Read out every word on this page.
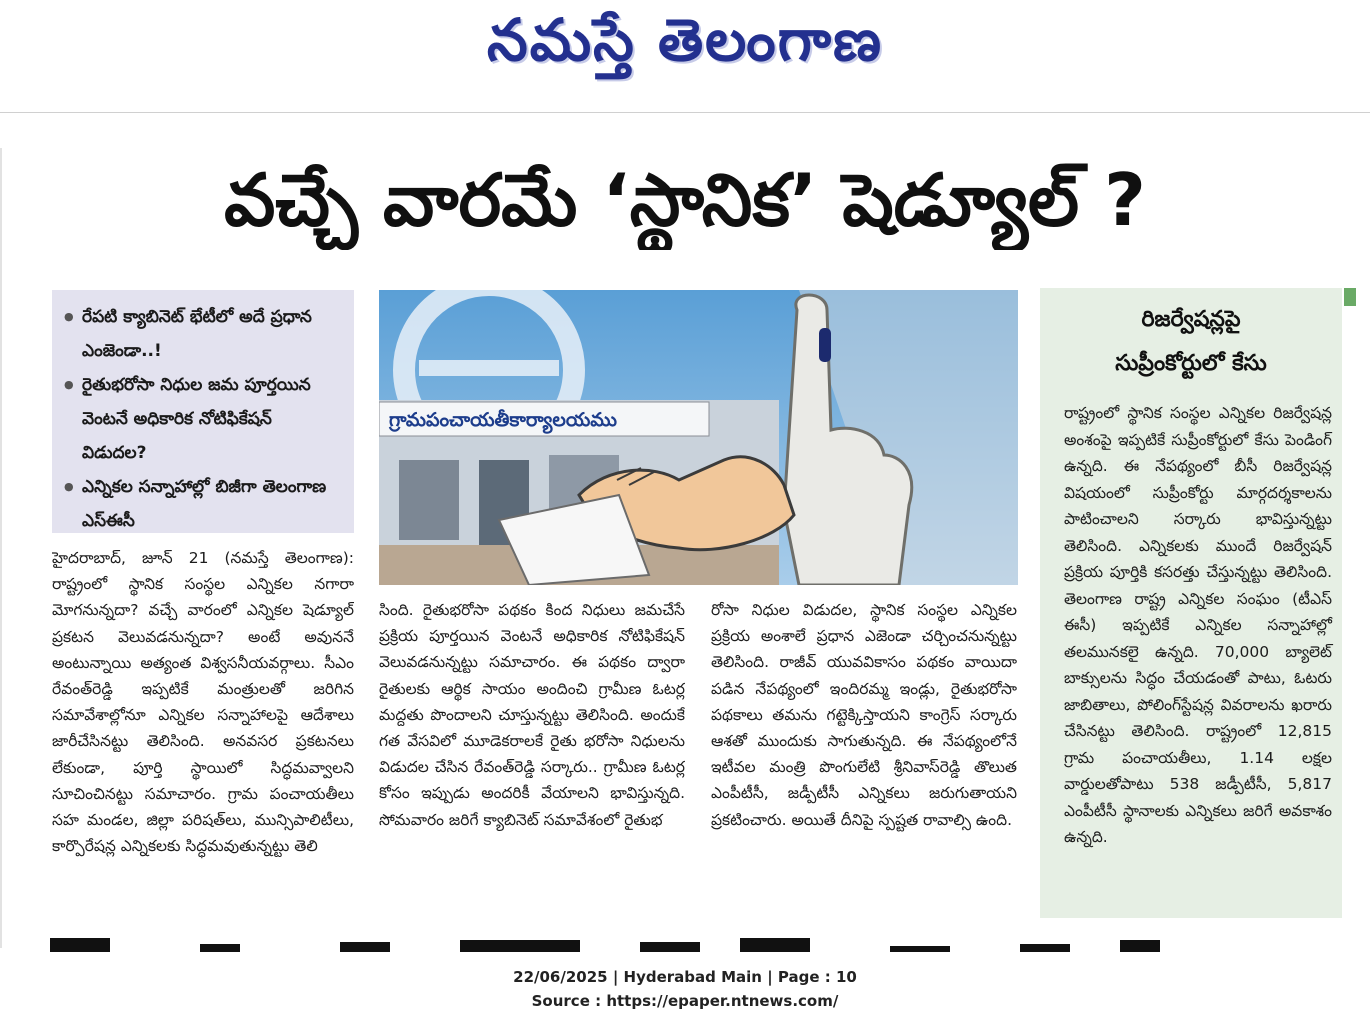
నమస్తే తెలంగాణ
వచ్చే వారమే ‘స్థానిక’ షెడ్యూల్‌ ?
● రేపటి క్యాబినెట్‌ భేటీలో అదే ప్రధాన ఎంజెండా..!
● రైతుభరోసా నిధుల జమ పూర్తయిన వెంటనే అధికారిక నోటిఫికేషన్‌ విడుదల?
● ఎన్నికల సన్నాహాల్లో బిజీగా తెలంగాణ ఎస్‌ఈసీ
గ్రామపంచాయతీకార్యాలయము

హైదరాబాద్‌, జూన్‌ 21 (నమస్తే తెలంగాణ): రాష్ట్రంలో స్థానిక సంస్థల ఎన్నికల నగారా మోగనున్నదా? వచ్చే వారంలో ఎన్నికల షెడ్యూల్‌ ప్రకటన వెలువడనున్నదా? అంటే అవుననే అంటున్నాయి అత్యంత విశ్వసనీయవర్గాలు. సీఎం రేవంత్‌రెడ్డి ఇప్పటికే మంత్రులతో జరిగిన సమావేశాల్లోనూ ఎన్నికల సన్నాహాలపై ఆదేశాలు జారీచేసినట్టు తెలిసింది. అనవసర ప్రకటనలు లేకుండా, పూర్తి స్థాయిలో సిద్ధమవ్వాలని సూచించినట్టు సమాచారం. గ్రామ పంచాయతీలు సహ మండల, జిల్లా పరిషత్‌లు, మున్సిపాలిటీలు, కార్పొరేషన్ల ఎన్నికలకు సిద్ధమవుతున్నట్టు తెలి

సింది. రైతుభరోసా పథకం కింద నిధులు జమచేసే ప్రక్రియ పూర్తయిన వెంటనే అధికారిక నోటిఫికేషన్‌ వెలువడనున్నట్టు సమాచారం. ఈ పథకం ద్వారా రైతులకు ఆర్థిక సాయం అందించి గ్రామీణ ఓటర్ల మద్దతు పొందాలని చూస్తున్నట్టు తెలిసింది. అందుకే గత వేసవిలో మూడెకరాలకే రైతు భరోసా నిధులను విడుదల చేసిన రేవంత్‌రెడ్డి సర్కారు.. గ్రామీణ ఓటర్ల కోసం ఇప్పుడు అందరికీ వేయాలని భావిస్తున్నది. సోమవారం జరిగే క్యాబినెట్‌ సమావేశంలో రైతుభ

రోసా నిధుల విడుదల, స్థానిక సంస్థల ఎన్నికల ప్రక్రియ అంశాలే ప్రధాన ఎజెండా చర్చించనున్నట్టు తెలిసింది. రాజీవ్‌ యువవికాసం పథకం వాయిదా పడిన నేపథ్యంలో ఇందిరమ్మ ఇండ్లు, రైతుభరోసా పథకాలు తమను గట్టెక్కిస్తాయని కాంగ్రెస్‌ సర్కారు ఆశతో ముందుకు సాగుతున్నది. ఈ నేపథ్యంలోనే ఇటీవల మంత్రి పొంగులేటి శ్రీనివాస్‌రెడ్డి తొలుత ఎంపీటీసీ, జడ్పీటీసీ ఎన్నికలు జరుగుతాయని ప్రకటించారు. అయితే దీనిపై స్పష్టత రావాల్సి ఉంది.

రిజర్వేషన్లపై
సుప్రీంకోర్టులో కేసు
రాష్ట్రంలో స్థానిక సంస్థల ఎన్నికల రిజర్వేషన్ల అంశంపై ఇప్పటికే సుప్రీంకోర్టులో కేసు పెండింగ్‌ ఉన్నది. ఈ నేపథ్యంలో బీసీ రిజర్వేషన్ల విషయంలో సుప్రీంకోర్టు మార్గదర్శకాలను పాటించాలని సర్కారు భావిస్తున్నట్టు తెలిసింది. ఎన్నికలకు ముందే రిజర్వేషన్‌ ప్రక్రియ పూర్తికి కసరత్తు చేస్తున్నట్టు తెలిసింది. తెలంగాణ రాష్ట్ర ఎన్నికల సంఘం (టీఎస్‌ ఈసీ) ఇప్పటికే ఎన్నికల సన్నాహాల్లో తలమునకలై ఉన్నది. 70,000 బ్యాలెట్‌ బాక్సులను సిద్ధం చేయడంతో పాటు, ఓటరు జాబితాలు, పోలింగ్‌స్టేషన్ల వివరాలను ఖరారు చేసినట్టు తెలిసింది. రాష్ట్రంలో 12,815 గ్రామ పంచాయతీలు, 1.14 లక్షల వార్డులతోపాటు 538 జడ్పీటీసీ, 5,817 ఎంపీటీసీ స్థానాలకు ఎన్నికలు జరిగే అవకాశం ఉన్నది.
22/06/2025 | Hyderabad Main | Page : 10
Source : https://epaper.ntnews.com/
